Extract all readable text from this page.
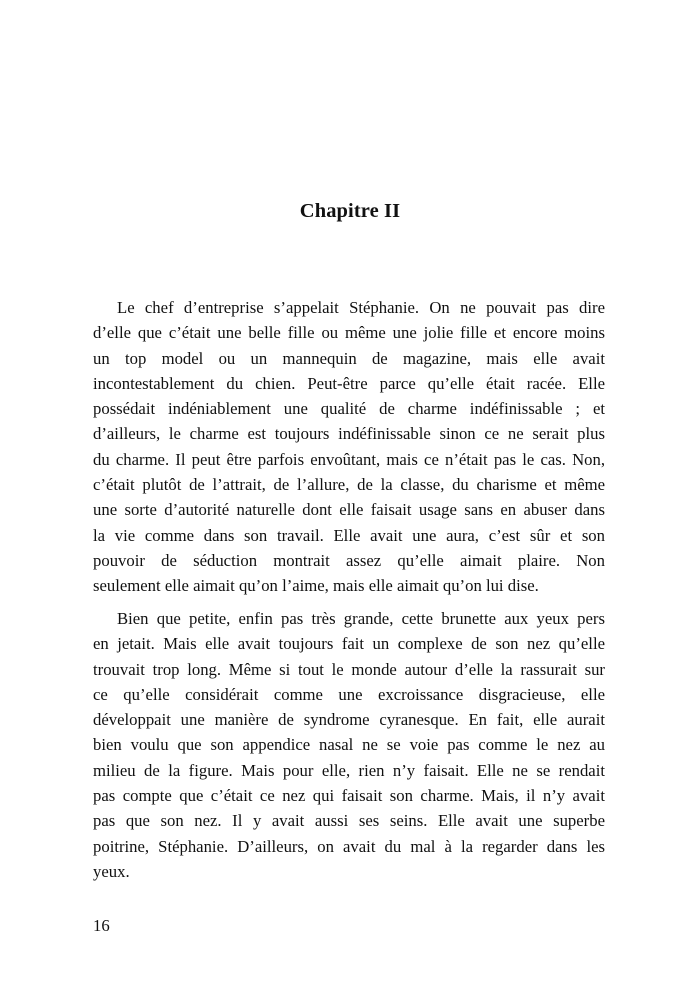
Chapitre II
Le chef d’entreprise s’appelait Stéphanie. On ne pouvait pas dire
d’elle que c’était une belle fille ou même une jolie fille et encore moins
un top model ou un mannequin de magazine, mais elle avait
incontestablement du chien. Peut-être parce qu’elle était racée. Elle
possédait indéniablement une qualité de charme indéfinissable ; et
d’ailleurs, le charme est toujours indéfinissable sinon ce ne serait plus
du charme. Il peut être parfois envoûtant, mais ce n’était pas le cas. Non,
c’était plutôt de l’attrait, de l’allure, de la classe, du charisme et même
une sorte d’autorité naturelle dont elle faisait usage sans en abuser dans
la vie comme dans son travail. Elle avait une aura, c’est sûr et son
pouvoir de séduction montrait assez qu’elle aimait plaire. Non
seulement elle aimait qu’on l’aime, mais elle aimait qu’on lui dise.
Bien que petite, enfin pas très grande, cette brunette aux yeux pers
en jetait. Mais elle avait toujours fait un complexe de son nez qu’elle
trouvait trop long. Même si tout le monde autour d’elle la rassurait sur
ce qu’elle considérait comme une excroissance disgracieuse, elle
développait une manière de syndrome cyranesque. En fait, elle aurait
bien voulu que son appendice nasal ne se voie pas comme le nez au
milieu de la figure. Mais pour elle, rien n’y faisait. Elle ne se rendait
pas compte que c’était ce nez qui faisait son charme. Mais, il n’y avait
pas que son nez. Il y avait aussi ses seins. Elle avait une superbe
poitrine, Stéphanie. D’ailleurs, on avait du mal à la regarder dans les
yeux.

16
